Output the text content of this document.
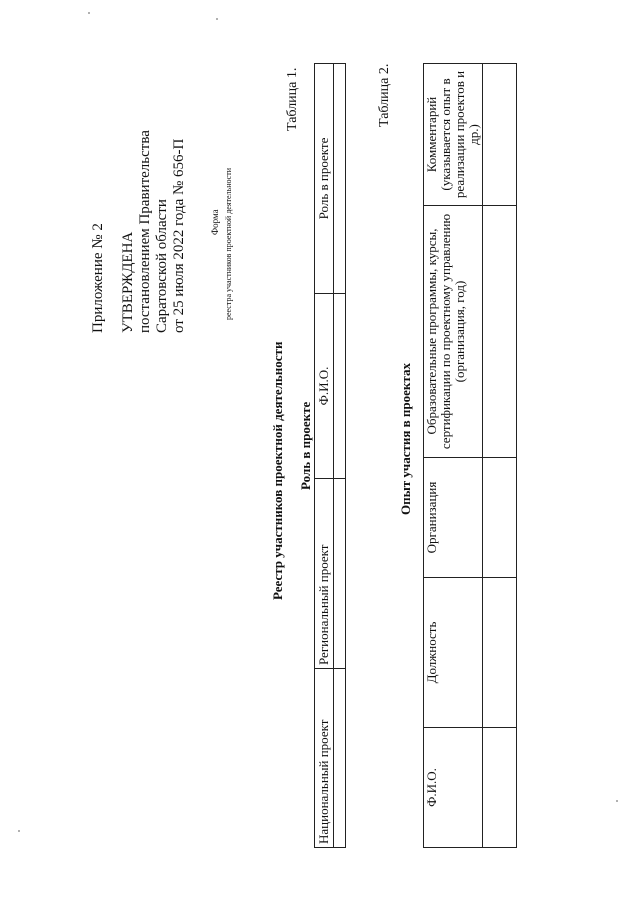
Приложение № 2 УТВЕРЖДЕНА постановлением Правительства Саратовской области от 25 июля 2022 года № 656-П	Форма реестра участников проектной деятельности
Таблица 1.
Реестр участников проектной деятельности Роль в проекте
Национальный проект	Региональный проект	Ф.И.О.	Роль в проекте

Таблица 2.
Опыт участия в проектах
Ф.И.О.	Должность	Организация	Образовательные программы, курсы, сертификации по проектному управлению (организация, год)	Комментарий (указывается опыт в реализации проектов и др.)
